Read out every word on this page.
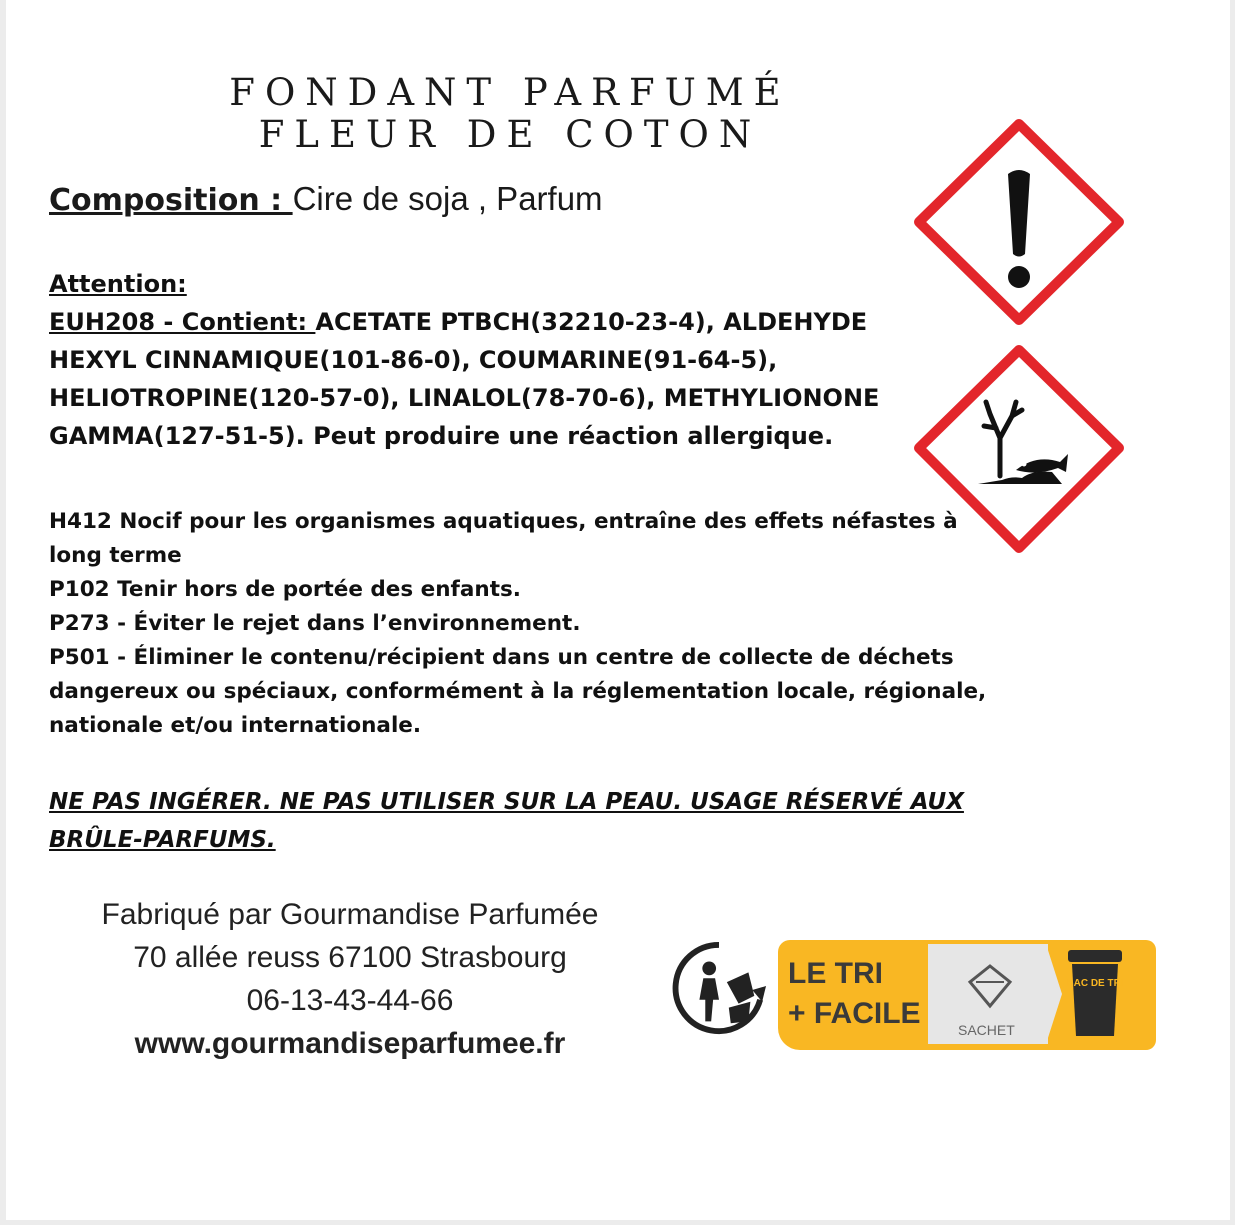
FONDANT PARFUMÉ
FLEUR DE COTON
Composition : Cire de soja , Parfum
Attention:
EUH208 - Contient: ACETATE PTBCH(32210-23-4), ALDEHYDE HEXYL CINNAMIQUE(101-86-0), COUMARINE(91-64-5), HELIOTROPINE(120-57-0), LINALOL(78-70-6), METHYLIONONE GAMMA(127-51-5). Peut produire une réaction allergique.

H412 Nocif pour les organismes aquatiques, entraîne des effets néfastes à long terme

P102 Tenir hors de portée des enfants.

P273 - Éviter le rejet dans l’environnement.

P501 - Éliminer le contenu/récipient dans un centre de collecte de déchets dangereux ou spéciaux, conformément à la réglementation locale, régionale, nationale et/ou internationale.

NE PAS INGÉRER. NE PAS UTILISER SUR LA PEAU. USAGE RÉSERVÉ AUX BRÛLE-PARFUMS.
Fabriqué par Gourmandise Parfumée
70 allée reuss 67100 Strasbourg
06-13-43-44-66
www.gourmandiseparfumee.fr
LE TRI
+ FACILE	SACHET
BAC DE TRI
